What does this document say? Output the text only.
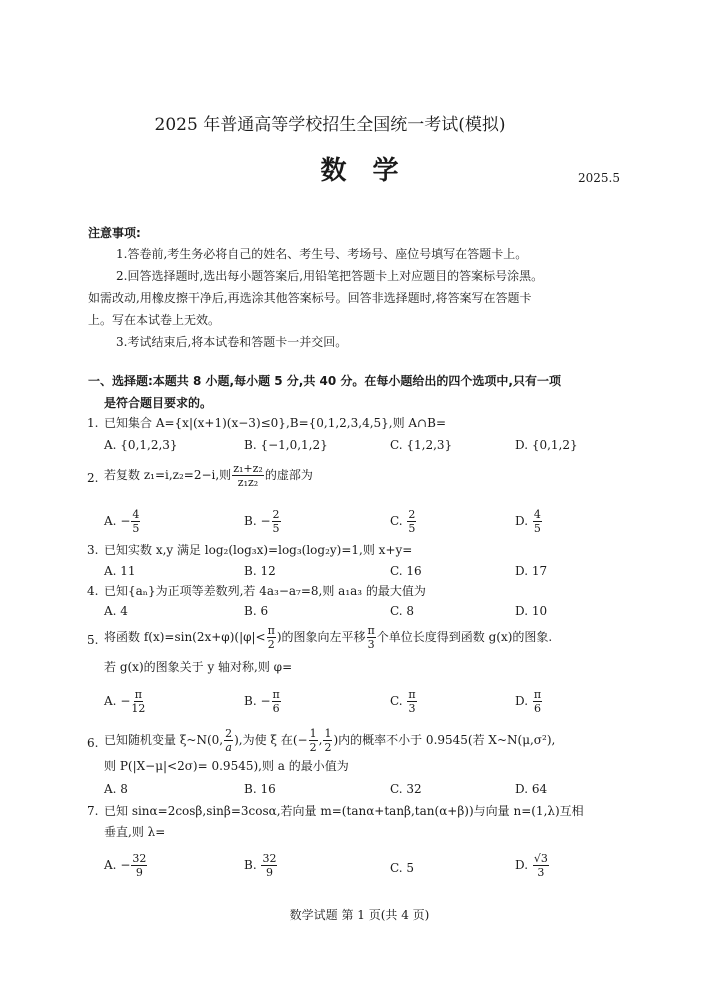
2025 年普通高等学校招生全国统一考试(模拟)
数　学	2025.5
注意事项:
1.答卷前,考生务必将自己的姓名、考生号、考场号、座位号填写在答题卡上。
2.回答选择题时,选出每小题答案后,用铅笔把答题卡上对应题目的答案标号涂黑。
如需改动,用橡皮擦干净后,再选涂其他答案标号。回答非选择题时,将答案写在答题卡
上。写在本试卷上无效。
3.考试结束后,将本试卷和答题卡一并交回。
一、选择题:本题共 8 小题,每小题 5 分,共 40 分。在每小题给出的四个选项中,只有一项
是符合题目要求的。
1. 已知集合 A={x|(x+1)(x−3)≤0},B={0,1,2,3,4,5},则 A∩B=
A. {0,1,2,3}	B. {−1,0,1,2}	C. {1,2,3}	D. {0,1,2}
2. 若复数 z₁=i,z₂=2−i,则 $\frac{\text{z₁+z₂}}{\text{z₁z₂}}$ 的虚部为
A. − $\frac{4}{5}$	B. − $\frac{2}{5}$	C. $\frac{2}{5}$	D. $\frac{4}{5}$
3. 已知实数 x,y 满足 log₂(log₃x)=log₃(log₂y)=1,则 x+y=
A. 11	B. 12	C. 16	D. 17
4. 已知{aₙ}为正项等差数列,若 4a₃−a₇=8,则 a₁a₃ 的最大值为
A. 4	B. 6	C. 8	D. 10
5. 将函数 $f(x)=\sin(2x+\varphi)(|\varphi|< \frac{\pi}{2}$ )的图象向左平移 $\frac{\pi}{3}$ 个单位长度得到函数 g(x)的图象.
若 g(x)的图象关于 y 轴对称,则 φ=
A. − $\frac{\pi}{12}$	B. − $\frac{\pi}{6}$	C. $\frac{\pi}{3}$	D. $\frac{\pi}{6}$
6. 已知随机变量 ξ~N(0, $\frac{2}{a}$ ),为使 ξ 在(− $\frac{1}{2}$ , $\frac{1}{2}$ )内的概率不小于 0.9545(若 X~N(μ,σ²),
则 P(|X−μ|<2σ)= 0.9545),则 a 的最小值为
A. 8	B. 16	C. 32	D. 64
7. 已知 sinα=2cosβ,sinβ=3cosα,若向量 m=(tanα+tanβ,tan(α+β))与向量 n=(1,λ)互相
垂直,则 λ=
A. − $\frac{32}{9}$	B. $\frac{32}{9}$	C. 5	D. $\frac{√3}{3}$
数学试题 第 1 页(共 4 页)
